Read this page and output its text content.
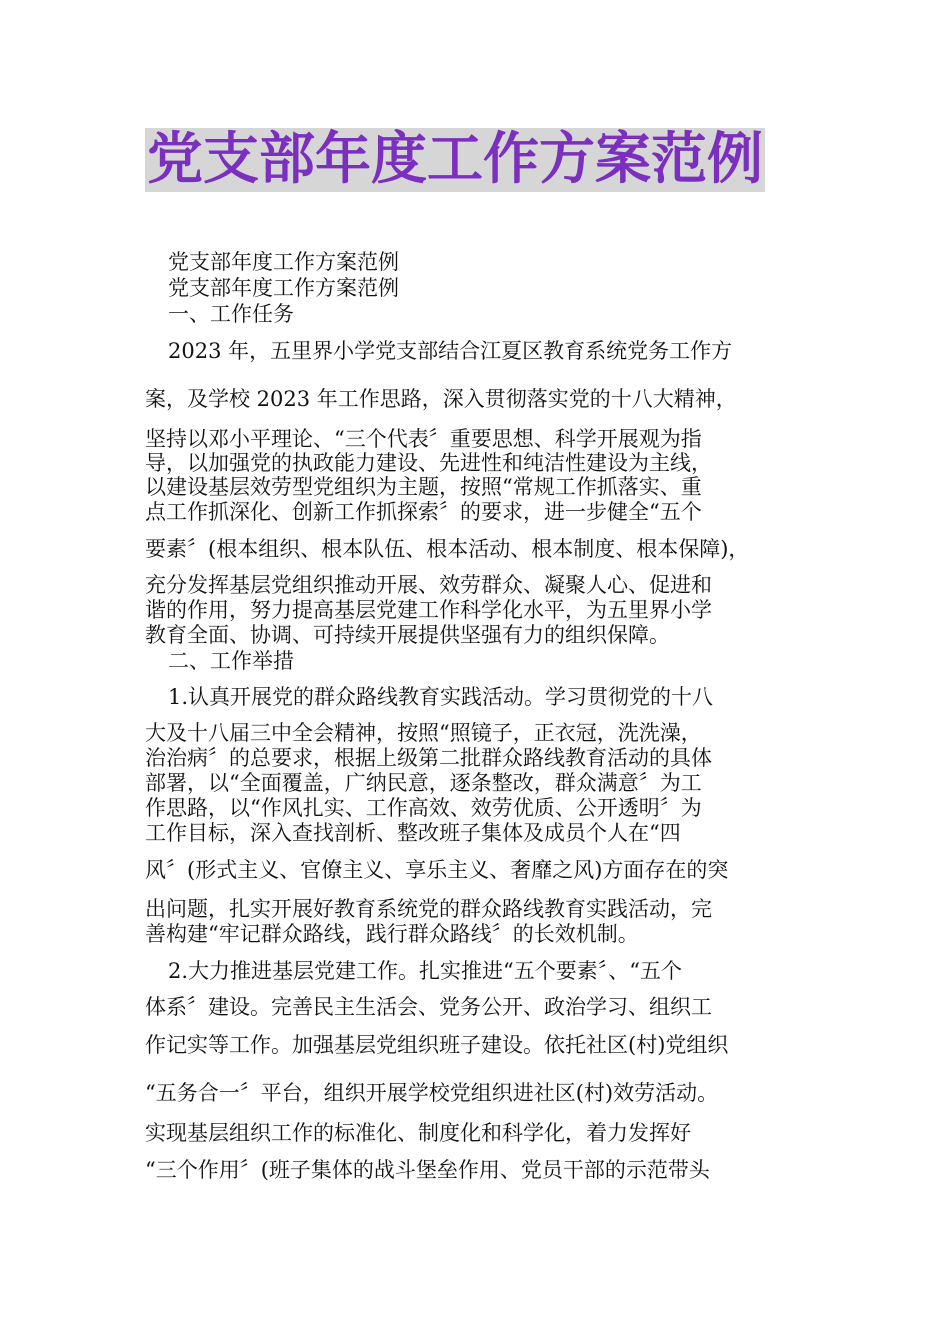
党支部年度工作方案范例
党支部年度工作方案范例
党支部年度工作方案范例
一、工作任务
2023 年，五里界小学党支部结合江夏区教育系统党务工作方
案，及学校 2023 年工作思路，深入贯彻落实党的十八大精神，
坚持以邓小平理论、“三个代表〞重要思想、科学开展观为指
导，以加强党的执政能力建设、先进性和纯洁性建设为主线，
以建设基层效劳型党组织为主题，按照“常规工作抓落实、重
点工作抓深化、创新工作抓探索〞的要求，进一步健全“五个
要素〞(根本组织、根本队伍、根本活动、根本制度、根本保障)，
充分发挥基层党组织推动开展、效劳群众、凝聚人心、促进和
谐的作用，努力提高基层党建工作科学化水平，为五里界小学
教育全面、协调、可持续开展提供坚强有力的组织保障。
二、工作举措
1.认真开展党的群众路线教育实践活动。学习贯彻党的十八
大及十八届三中全会精神，按照“照镜子，正衣冠，洗洗澡，
治治病〞的总要求，根据上级第二批群众路线教育活动的具体
部署，以“全面覆盖，广纳民意，逐条整改，群众满意〞为工
作思路，以“作风扎实、工作高效、效劳优质、公开透明〞为
工作目标，深入查找剖析、整改班子集体及成员个人在“四
风〞(形式主义、官僚主义、享乐主义、奢靡之风)方面存在的突
出问题，扎实开展好教育系统党的群众路线教育实践活动，完
善构建“牢记群众路线，践行群众路线〞的长效机制。
2.大力推进基层党建工作。扎实推进“五个要素〞、“五个
体系〞建设。完善民主生活会、党务公开、政治学习、组织工
作记实等工作。加强基层党组织班子建设。依托社区(村)党组织
“五务合一〞平台，组织开展学校党组织进社区(村)效劳活动。
实现基层组织工作的标准化、制度化和科学化，着力发挥好
“三个作用〞(班子集体的战斗堡垒作用、党员干部的示范带头
